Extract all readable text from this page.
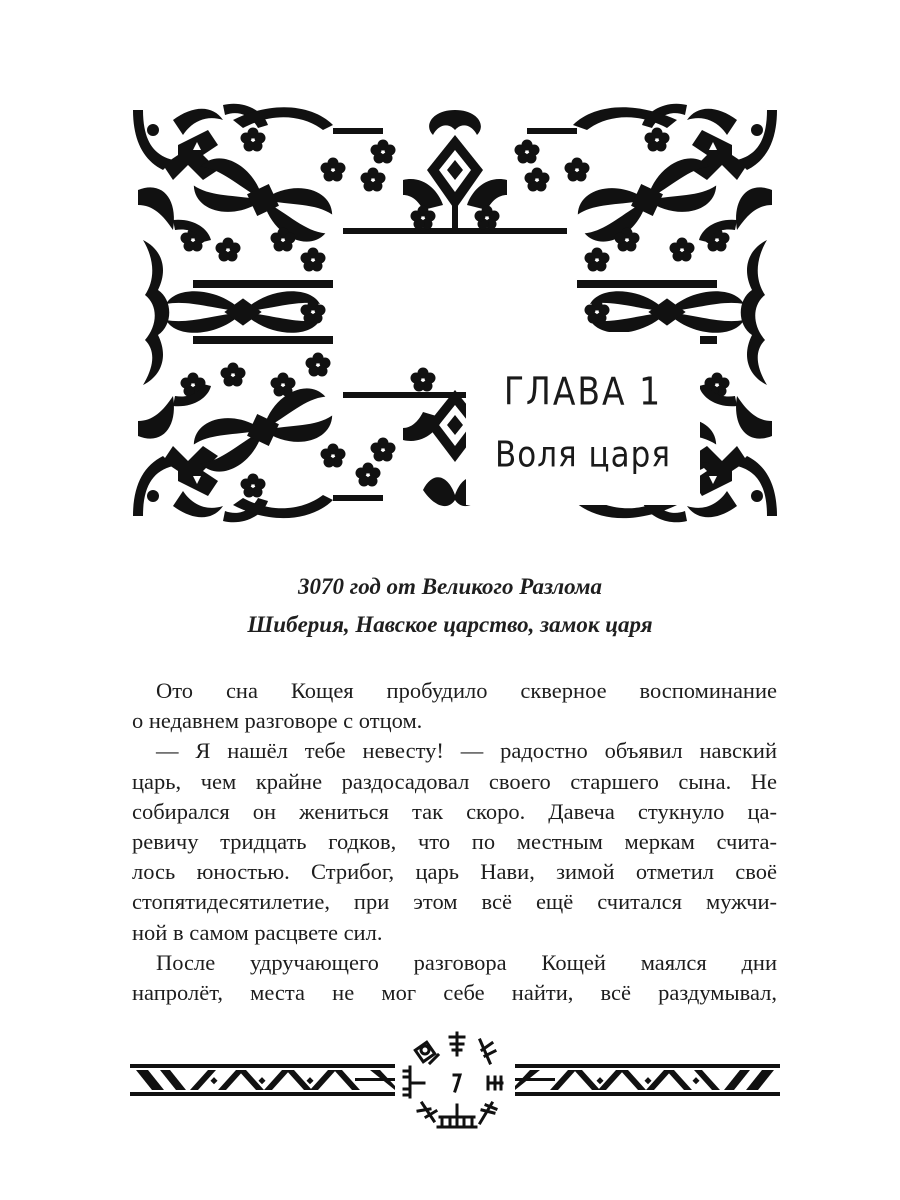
ГЛАВА 1
Воля царя
3070 год от Великого Разлома
Шиберия, Навское царство, замок царя
Ото сна Кощея пробудило скверное воспоминание
о недавнем разговоре с отцом.
— Я нашёл тебе невесту! — радостно объявил навский
царь, чем крайне раздосадовал своего старшего сына. Не
собирался он жениться так скоро. Давеча стукнуло ца-
ревичу тридцать годков, что по местным меркам счита-
лось юностью. Стрибог, царь Нави, зимой отметил своё
стопятидесятилетие, при этом всё ещё считался мужчи-
ной в самом расцвете сил.
После удручающего разговора Кощей маялся дни
напролёт, места не мог себе найти, всё раздумывал,
